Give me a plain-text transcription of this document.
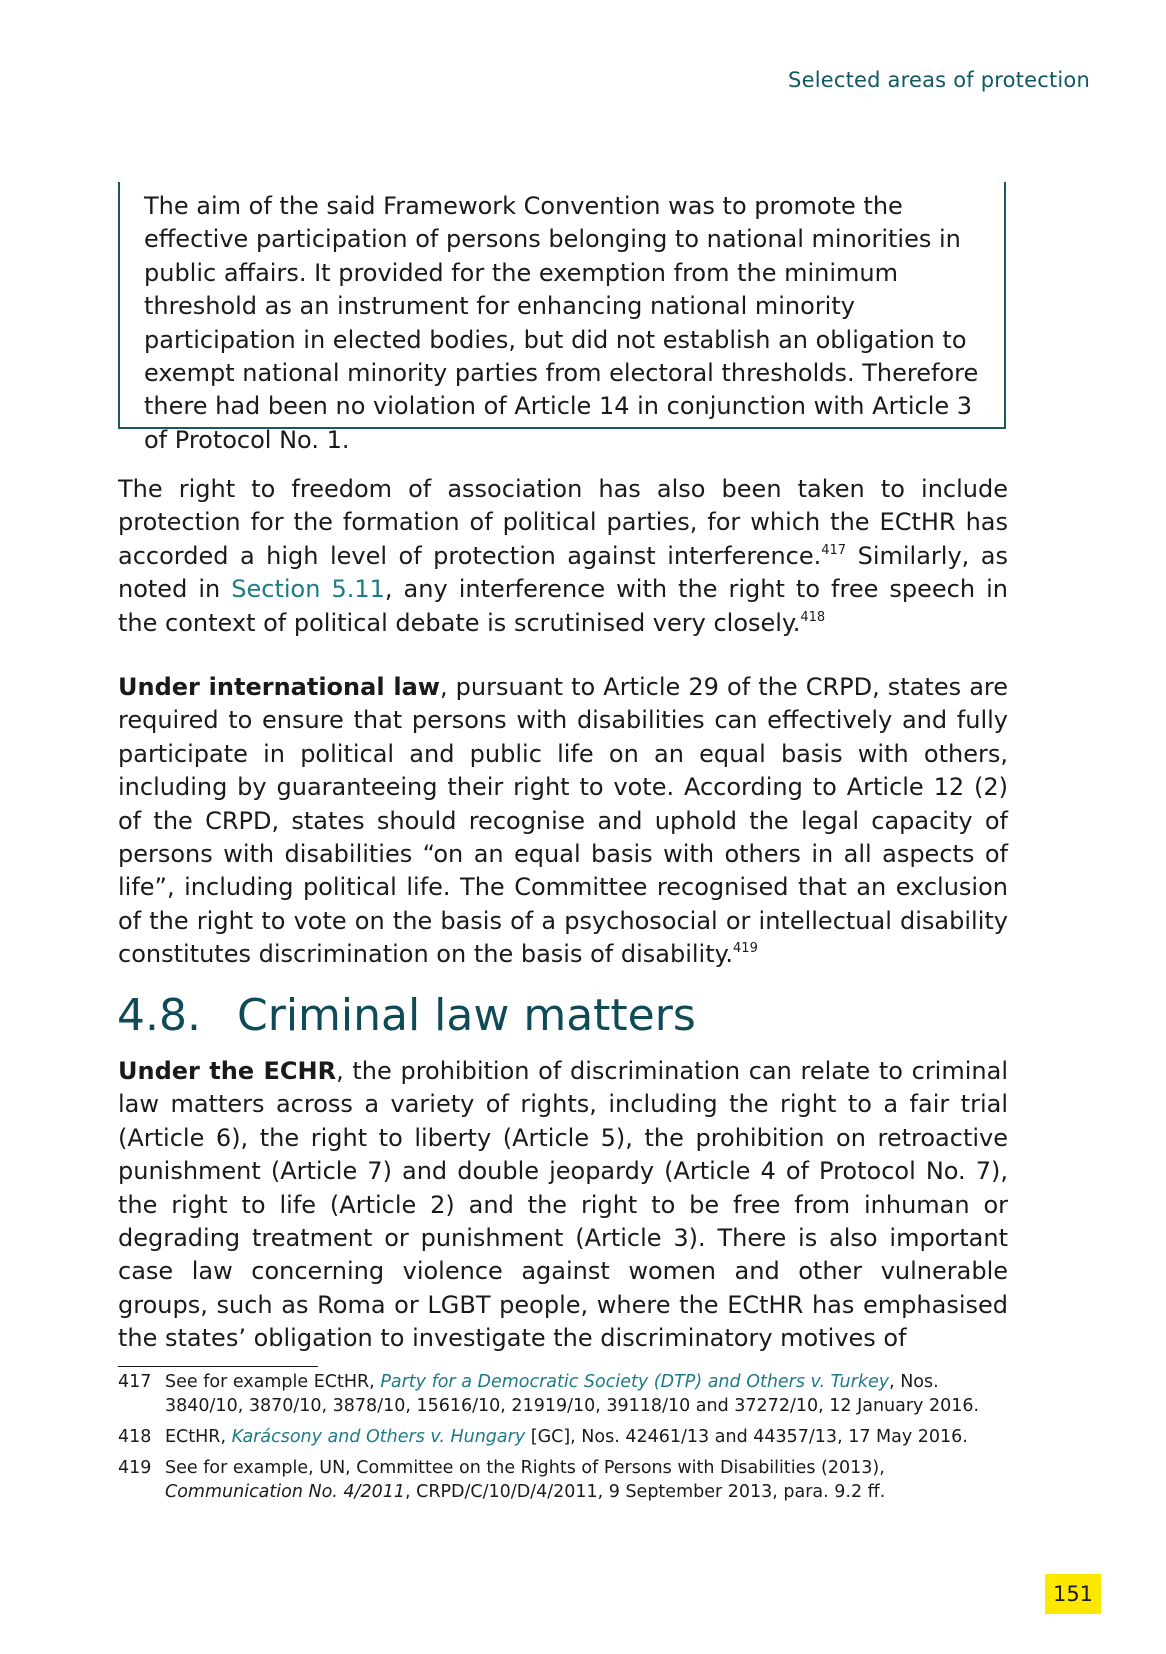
Selected areas of protection

The aim of the said Framework Convention was to promote the effective participation of persons belonging to national minorities in public affairs. It provided for the exemption from the minimum threshold as an instrument for enhancing national minority participation in elected bodies, but did not establish an obligation to exempt national minority parties from electoral thresholds. Therefore there had been no violation of Article 14 in conjunction with Article 3 of Protocol No. 1.

The right to freedom of association has also been taken to include protection for the formation of political parties, for which the ECtHR has accorded a high level of protection against interference.$^{417}$ Similarly, as noted in Section 5.11, any interference with the right to free speech in the context of political debate is scrutinised very closely.$^{418}$

Under international law, pursuant to Article 29 of the CRPD, states are required to ensure that persons with disabilities can effectively and fully participate in political and public life on an equal basis with others, including by guaranteeing their right to vote. According to Article 12 (2) of the CRPD, states should recognise and uphold the legal capacity of persons with disabilities “on an equal basis with others in all aspects of life”, including political life. The Committee recognised that an exclusion of the right to vote on the basis of a psychosocial or intellectual disability constitutes discrimination on the basis of disability.$^{419}$

4.8. Criminal law matters

Under the ECHR, the prohibition of discrimination can relate to criminal law matters across a variety of rights, including the right to a fair trial (Article 6), the right to liberty (Article 5), the prohibition on retroactive punishment (Article 7) and double jeopardy (Article 4 of Protocol No. 7), the right to life (Article 2) and the right to be free from inhuman or degrading treatment or punishment (Article 3). There is also important case law concerning violence against women and other vulnerable groups, such as Roma or LGBT people, where the ECtHR has emphasised the states’ obligation to investigate the discriminatory motives of

417 See for example ECtHR, Party for a Democratic Society (DTP) and Others v. Turkey, Nos. 3840/10, 3870/10, 3878/10, 15616/10, 21919/10, 39118/10 and 37272/10, 12 January 2016.
418 ECtHR, Karácsony and Others v. Hungary [GC], Nos. 42461/13 and 44357/13, 17 May 2016.
419 See for example, UN, Committee on the Rights of Persons with Disabilities (2013), Communication No. 4/2011, CRPD/C/10/D/4/2011, 9 September 2013, para. 9.2 ff.
151
